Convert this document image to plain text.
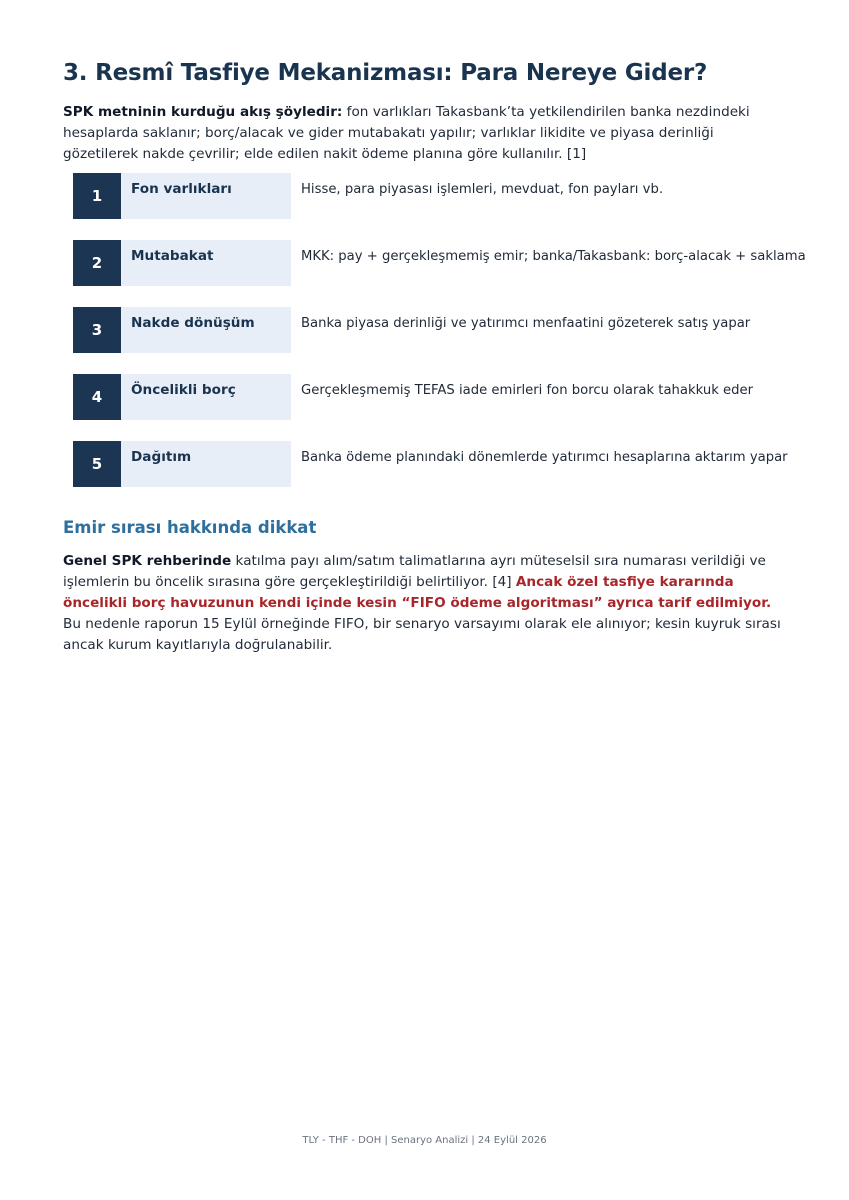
3. Resmî Tasfiye Mekanizması: Para Nereye Gider?

SPK metninin kurduğu akış şöyledir: fon varlıkları Takasbank’ta yetkilendirilen banka nezdindeki hesaplarda saklanır; borç/alacak ve gider mutabakatı yapılır; varlıklar likidite ve piyasa derinliği gözetilerek nakde çevrilir; elde edilen nakit ödeme planına göre kullanılır. [1]

1	Fon varlıkları	Hisse, para piyasası işlemleri, mevduat, fon payları vb.
2	Mutabakat	MKK: pay + gerçekleşmemiş emir; banka/Takasbank: borç-alacak + saklama
3	Nakde dönüşüm	Banka piyasa derinliği ve yatırımcı menfaatini gözeterek satış yapar
4	Öncelikli borç	Gerçekleşmemiş TEFAS iade emirleri fon borcu olarak tahakkuk eder
5	Dağıtım	Banka ödeme planındaki dönemlerde yatırımcı hesaplarına aktarım yapar
Emir sırası hakkında dikkat

Genel SPK rehberinde katılma payı alım/satım talimatlarına ayrı müteselsil sıra numarası verildiği ve işlemlerin bu öncelik sırasına göre gerçekleştirildiği belirtiliyor. [4] Ancak özel tasfiye kararında öncelikli borç havuzunun kendi içinde kesin “FIFO ödeme algoritması” ayrıca tarif edilmiyor. Bu nedenle raporun 15 Eylül örneğinde FIFO, bir senaryo varsayımı olarak ele alınıyor; kesin kuyruk sırası ancak kurum kayıtlarıyla doğrulanabilir.

TLY - THF - DOH | Senaryo Analizi | 24 Eylül 2026
